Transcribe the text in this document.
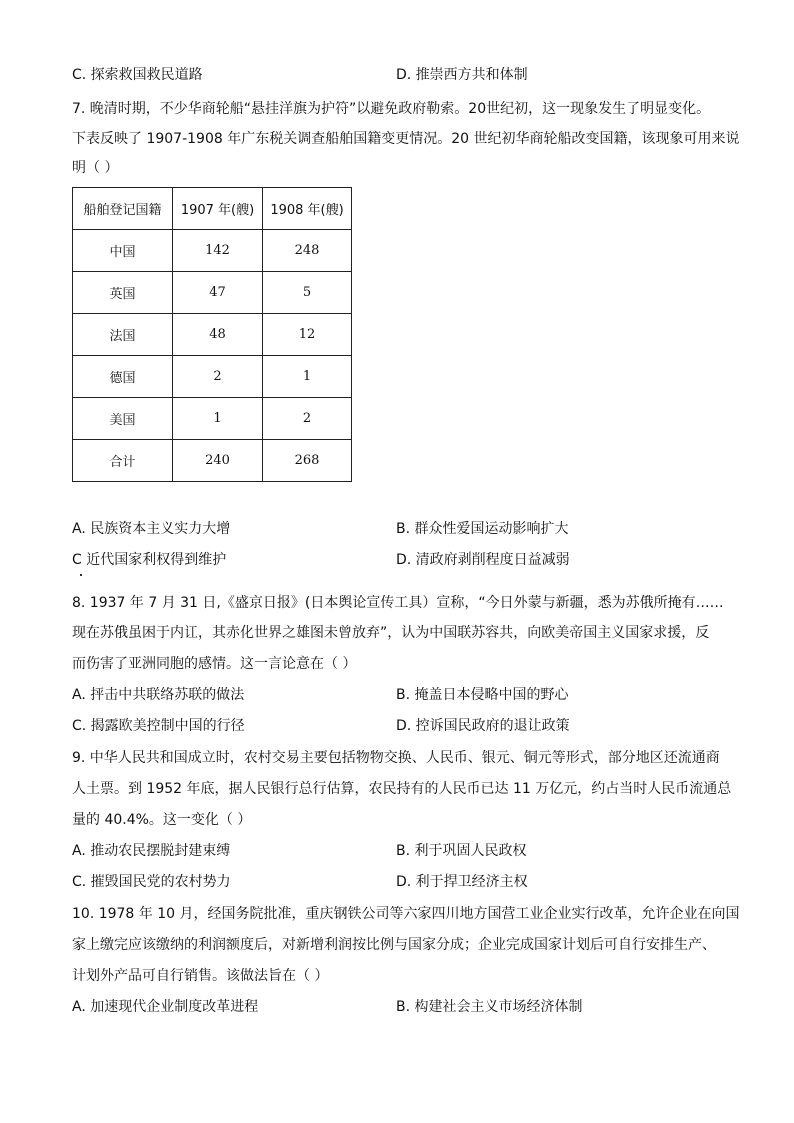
C. 探索救国救民道路	D. 推崇西方共和体制
7. 晚清时期，不少华商轮船“悬挂洋旗为护符”以避免政府勒索。20世纪初，这一现象发生了明显变化。
下表反映了 1907-1908 年广东税关调查船舶国籍变更情况。20 世纪初华商轮船改变国籍，该现象可用来说
明（ ）
船舶登记国籍	1907 年(艘)	1908 年(艘)
中国	142	248
英国	47	5
法国	48	12
德国	2	1
美国	1	2
合计	240	268
A. 民族资本主义实力大增	B. 群众性爱国运动影响扩大
C 近代国家利权得到维护	D. 清政府剥削程度日益减弱
8. 1937 年 7 月 31 日,《盛京日报》(日本舆论宣传工具）宣称，“今日外蒙与新疆，悉为苏俄所掩有……
现在苏俄虽困于内讧，其赤化世界之雄图未曾放弃”，认为中国联苏容共，向欧美帝国主义国家求援，反
而伤害了亚洲同胞的感情。这一言论意在（ ）
A. 抨击中共联络苏联的做法	B. 掩盖日本侵略中国的野心
C. 揭露欧美控制中国的行径	D. 控诉国民政府的退让政策
9. 中华人民共和国成立时，农村交易主要包括物物交换、人民币、银元、铜元等形式，部分地区还流通商
人土票。到 1952 年底，据人民银行总行估算，农民持有的人民币已达 11 万亿元，约占当时人民币流通总
量的 40.4%。这一变化（ ）
A. 推动农民摆脱封建束缚	B. 利于巩固人民政权
C. 摧毁国民党的农村势力	D. 利于捍卫经济主权
10. 1978 年 10 月，经国务院批准，重庆钢铁公司等六家四川地方国营工业企业实行改革，允许企业在向国
家上缴完应该缴纳的利润额度后，对新增利润按比例与国家分成；企业完成国家计划后可自行安排生产、
计划外产品可自行销售。该做法旨在（ ）
A. 加速现代企业制度改革进程	B. 构建社会主义市场经济体制
